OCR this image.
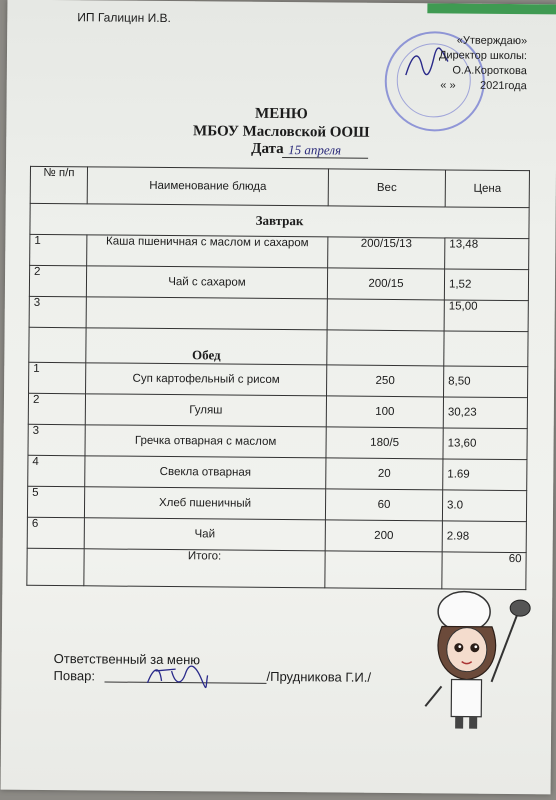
ИП Галицин И.В.
«Утверждаю»
Директор школы:
О.А.Короткова
« » 2021года
МЕНЮ
МБОУ Масловской ООШ
Дата 15 апреля
№ п/п	Наименование блюда	Вес	Цена
Завтрак			
1	Каша пшеничная с маслом и сахаром	200/15/13	13,48
2	Чай с сахаром	200/15	1,52
3			15,00
	Обед		
1	Суп картофельный с рисом	250	8,50
2	Гуляш	100	30,23
3	Гречка отварная с маслом	180/5	13,60
4	Свекла отварная	20	1.69
5	Хлеб пшеничный	60	3.0
6	Чай	200	2.98
	Итого:		60
Ответственный за меню
Повар:	/Прудникова Г.И./
